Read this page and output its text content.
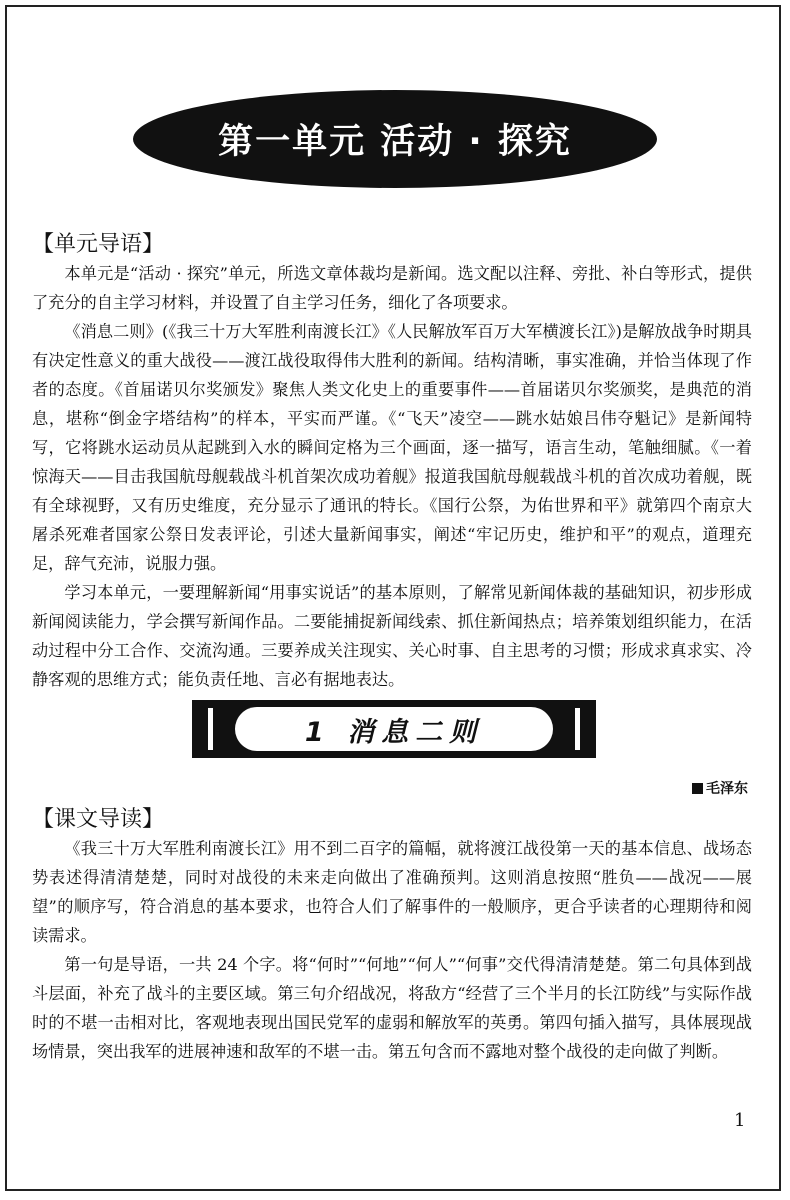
第一单元 活动 · 探究
【单元导语】

本单元是“活动 · 探究”单元，所选文章体裁均是新闻。选文配以注释、旁批、补白等形式，提供了充分的自主学习材料，并设置了自主学习任务，细化了各项要求。

《消息二则》(《我三十万大军胜利南渡长江》《人民解放军百万大军横渡长江》)是解放战争时期具有决定性意义的重大战役——渡江战役取得伟大胜利的新闻。结构清晰，事实准确，并恰当体现了作者的态度。《首届诺贝尔奖颁发》聚焦人类文化史上的重要事件——首届诺贝尔奖颁奖，是典范的消息，堪称“倒金字塔结构”的样本，平实而严谨。《“飞天”凌空——跳水姑娘吕伟夺魁记》是新闻特写，它将跳水运动员从起跳到入水的瞬间定格为三个画面，逐一描写，语言生动，笔触细腻。《一着惊海天——目击我国航母舰载战斗机首架次成功着舰》报道我国航母舰载战斗机的首次成功着舰，既有全球视野，又有历史维度，充分显示了通讯的特长。《国行公祭，为佑世界和平》就第四个南京大屠杀死难者国家公祭日发表评论，引述大量新闻事实，阐述“牢记历史，维护和平”的观点，道理充足，辞气充沛，说服力强。

学习本单元，一要理解新闻“用事实说话”的基本原则，了解常见新闻体裁的基础知识，初步形成新闻阅读能力，学会撰写新闻作品。二要能捕捉新闻线索、抓住新闻热点；培养策划组织能力，在活动过程中分工合作、交流沟通。三要养成关注现实、关心时事、自主思考的习惯；形成求真求实、冷静客观的思维方式；能负责任地、言必有据地表达。

1 消息二则
毛泽东
【课文导读】

《我三十万大军胜利南渡长江》用不到二百字的篇幅，就将渡江战役第一天的基本信息、战场态势表述得清清楚楚，同时对战役的未来走向做出了准确预判。这则消息按照“胜负——战况——展望”的顺序写，符合消息的基本要求，也符合人们了解事件的一般顺序，更合乎读者的心理期待和阅读需求。

第一句是导语，一共 24 个字。将“何时”“何地”“何人”“何事”交代得清清楚楚。第二句具体到战斗层面，补充了战斗的主要区域。第三句介绍战况，将敌方“经营了三个半月的长江防线”与实际作战时的不堪一击相对比，客观地表现出国民党军的虚弱和解放军的英勇。第四句插入描写，具体展现战场情景，突出我军的进展神速和敌军的不堪一击。第五句含而不露地对整个战役的走向做了判断。

1
